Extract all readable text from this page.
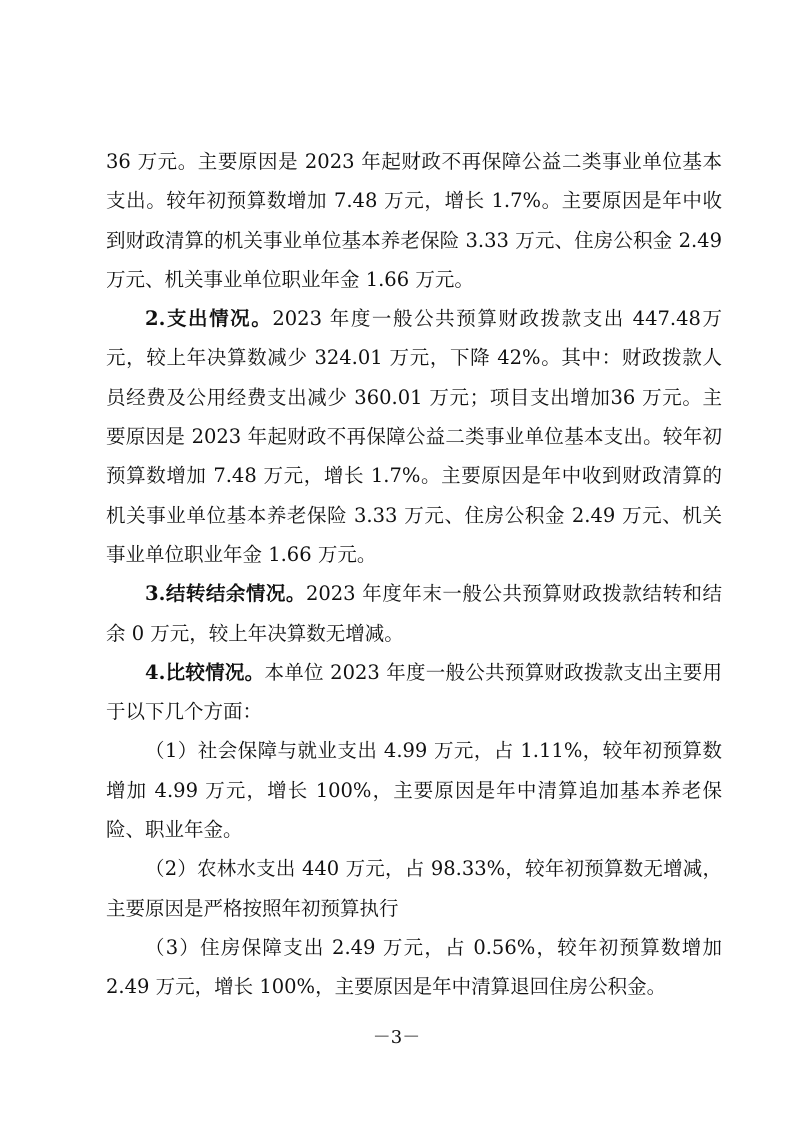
36 万元。主要原因是 2023 年起财政不再保障公益二类事业单位基本支出。较年初预算数增加 7.48 万元，增长 1.7%。主要原因是年中收到财政清算的机关事业单位基本养老保险 3.33 万元、住房公积金 2.49 万元、机关事业单位职业年金 1.66 万元。

2.支出情况。2023 年度一般公共预算财政拨款支出 447.48万元，较上年决算数减少 324.01 万元，下降 42%。其中：财政拨款人员经费及公用经费支出减少 360.01 万元；项目支出增加36 万元。主要原因是 2023 年起财政不再保障公益二类事业单位基本支出。较年初预算数增加 7.48 万元，增长 1.7%。主要原因是年中收到财政清算的机关事业单位基本养老保险 3.33 万元、住房公积金 2.49 万元、机关事业单位职业年金 1.66 万元。

3.结转结余情况。2023 年度年末一般公共预算财政拨款结转和结余 0 万元，较上年决算数无增减。

4.比较情况。本单位 2023 年度一般公共预算财政拨款支出主要用于以下几个方面：

（1）社会保障与就业支出 4.99 万元，占 1.11%，较年初预算数增加 4.99 万元，增长 100%，主要原因是年中清算追加基本养老保险、职业年金。

（2）农林水支出 440 万元，占 98.33%，较年初预算数无增减，主要原因是严格按照年初预算执行

（3）住房保障支出 2.49 万元，占 0.56%，较年初预算数增加 2.49 万元，增长 100%，主要原因是年中清算退回住房公积金。

－3－
